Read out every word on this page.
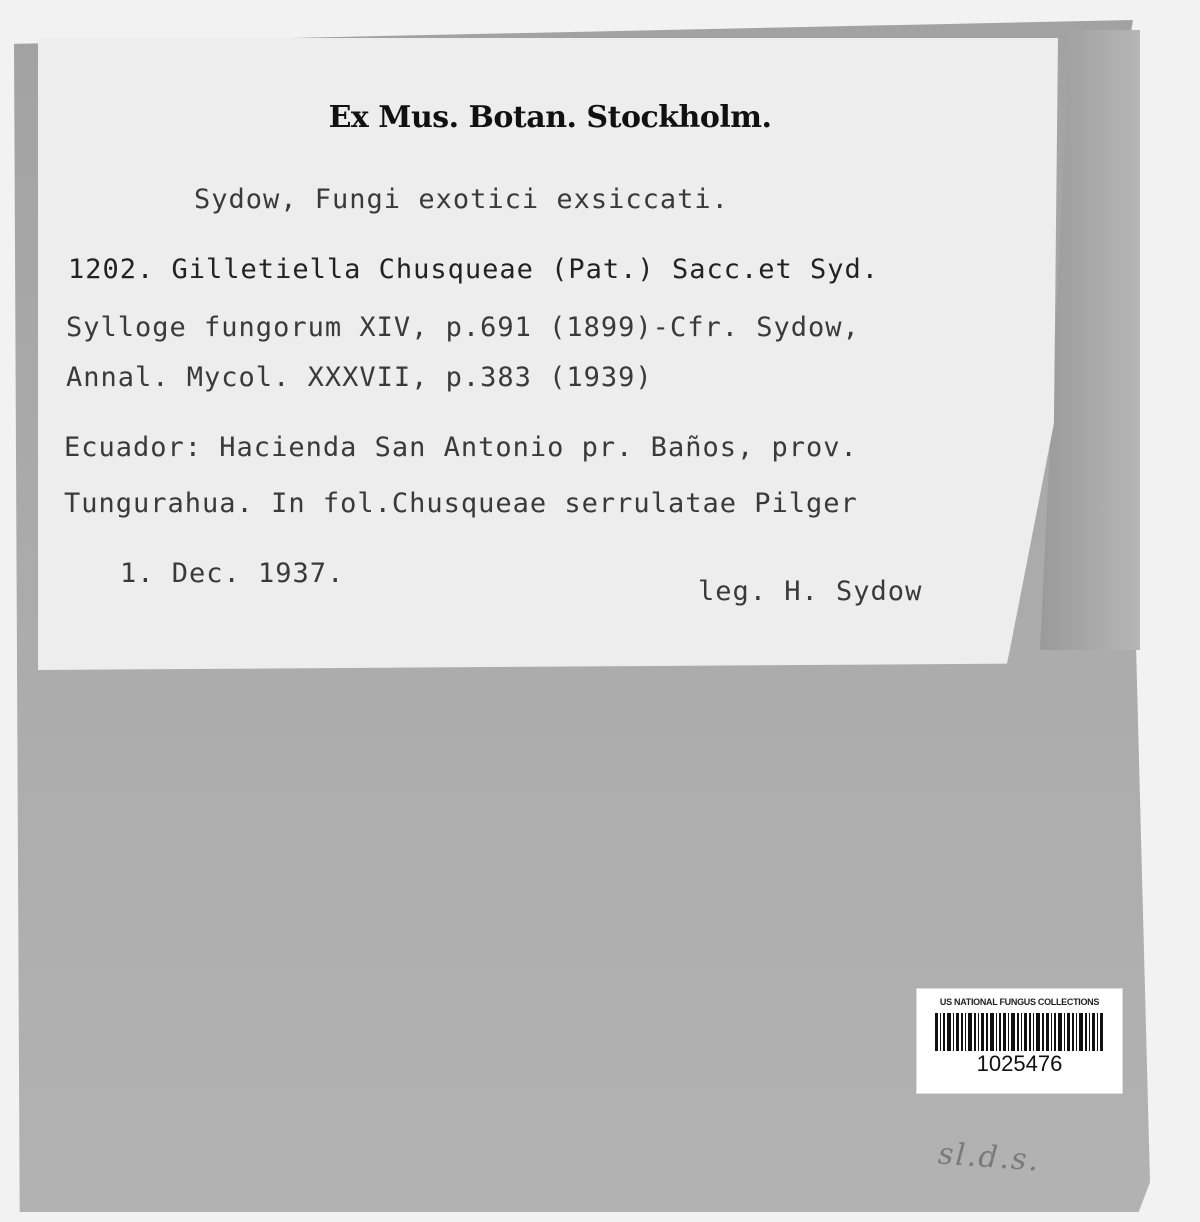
Ex Mus. Botan. Stockholm.
Sydow, Fungi exotici exsiccati.
1202. Gilletiella Chusqueae (Pat.) Sacc.et Syd.
Sylloge fungorum XIV, p.691 (1899)-Cfr. Sydow,
Annal. Mycol. XXXVII, p.383 (1939)
Ecuador: Hacienda San Antonio pr. Baños, prov.
Tungurahua. In fol.Chusqueae serrulatae Pilger
1. Dec. 1937.
leg. H. Sydow
US NATIONAL FUNGUS COLLECTIONS
1025476
sl.d.s.
